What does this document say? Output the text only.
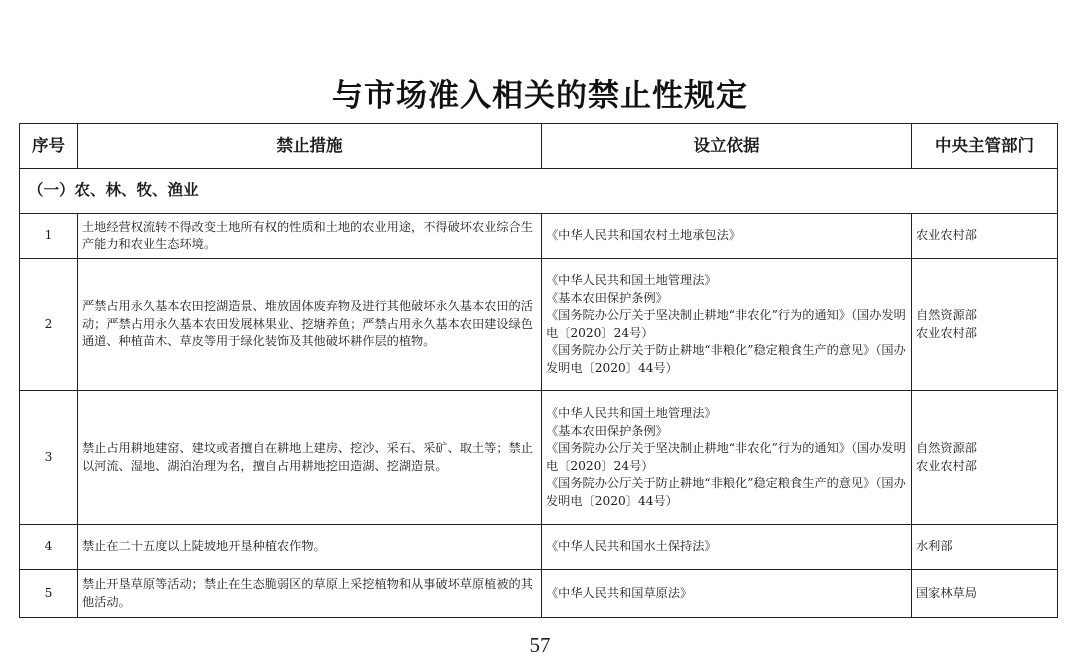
与市场准入相关的禁止性规定
序号	禁止措施	设立依据	中央主管部门
（一）农、林、牧、渔业			
1	土地经营权流转不得改变土地所有权的性质和土地的农业用途，不得破坏农业综合生产能力和农业生态环境。	《中华人民共和国农村土地承包法》	农业农村部

2	严禁占用永久基本农田挖湖造景、堆放固体废弃物及进行其他破坏永久基本农田的活动；严禁占用永久基本农田发展林果业、挖塘养鱼；严禁占用永久基本农田建设绿色通道、种植苗木、草皮等用于绿化装饰及其他破坏耕作层的植物。	《中华人民共和国土地管理法》
《基本农田保护条例》
《国务院办公厅关于坚决制止耕地“非农化”行为的通知》（国办发明电〔2020〕24号）
《国务院办公厅关于防止耕地“非粮化”稳定粮食生产的意见》（国办发明电〔2020〕44号）	自然资源部
农业农村部

3	禁止占用耕地建窑、建坟或者擅自在耕地上建房、挖沙、采石、采矿、取土等；禁止以河流、湿地、湖泊治理为名，擅自占用耕地挖田造湖、挖湖造景。	《中华人民共和国土地管理法》
《基本农田保护条例》
《国务院办公厅关于坚决制止耕地“非农化”行为的通知》（国办发明电〔2020〕24号）
《国务院办公厅关于防止耕地“非粮化”稳定粮食生产的意见》（国办发明电〔2020〕44号）	自然资源部
农业农村部

4	禁止在二十五度以上陡坡地开垦种植农作物。	《中华人民共和国水土保持法》	水利部

5	禁止开垦草原等活动；禁止在生态脆弱区的草原上采挖植物和从事破坏草原植被的其他活动。	《中华人民共和国草原法》	国家林草局
57
